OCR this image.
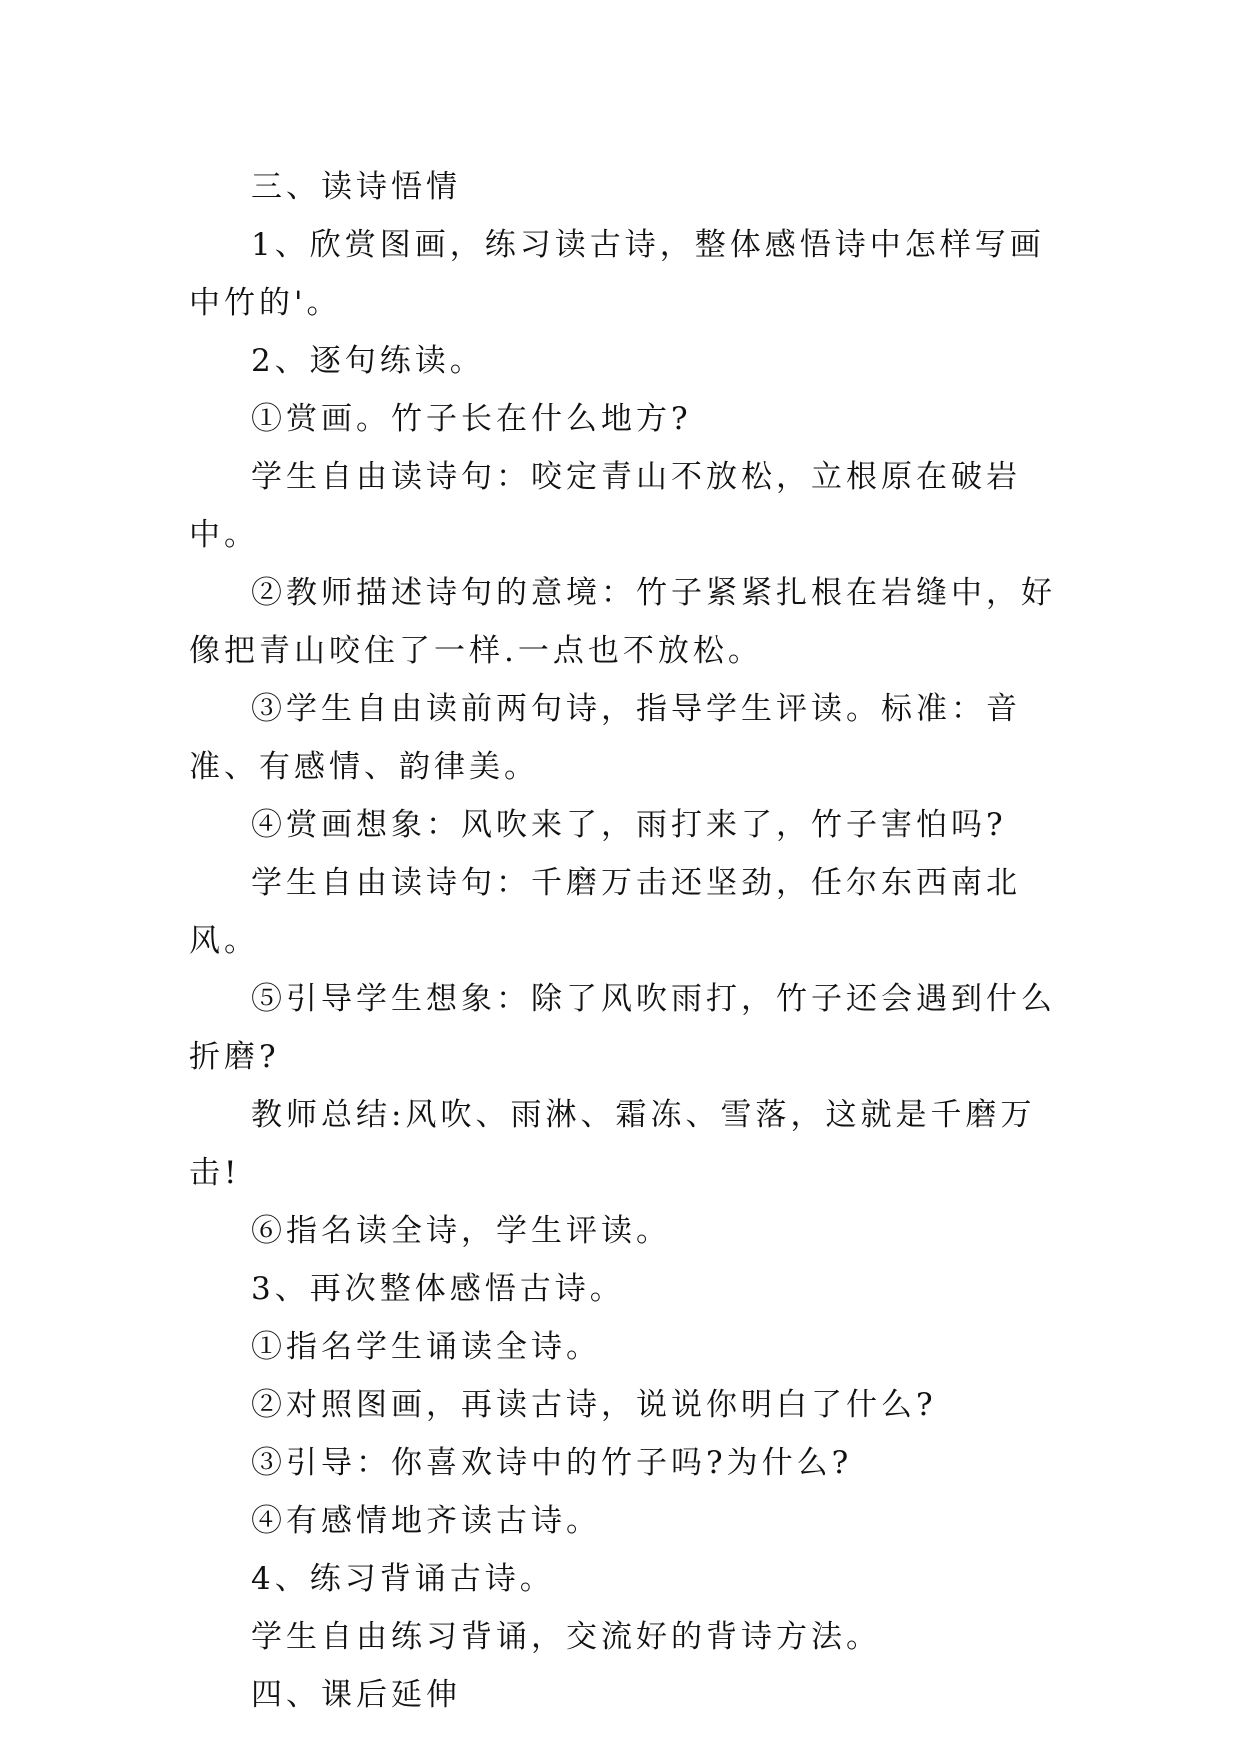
三、读诗悟情

1、欣赏图画，练习读古诗，整体感悟诗中怎样写画中竹的'。

2、逐句练读。

①赏画。竹子长在什么地方?

学生自由读诗句：咬定青山不放松，立根原在破岩中。

②教师描述诗句的意境：竹子紧紧扎根在岩缝中，好像把青山咬住了一样.一点也不放松。

③学生自由读前两句诗，指导学生评读。标准：音准、有感情、韵律美。

④赏画想象：风吹来了，雨打来了，竹子害怕吗?

学生自由读诗句：千磨万击还坚劲，任尔东西南北风。

⑤引导学生想象：除了风吹雨打，竹子还会遇到什么折磨?

教师总结:风吹、雨淋、霜冻、雪落，这就是千磨万击!

⑥指名读全诗，学生评读。

3、再次整体感悟古诗。

①指名学生诵读全诗。

②对照图画，再读古诗，说说你明白了什么?

③引导：你喜欢诗中的竹子吗?为什么?

④有感情地齐读古诗。

4、练习背诵古诗。

学生自由练习背诵，交流好的背诗方法。

四、课后延伸
